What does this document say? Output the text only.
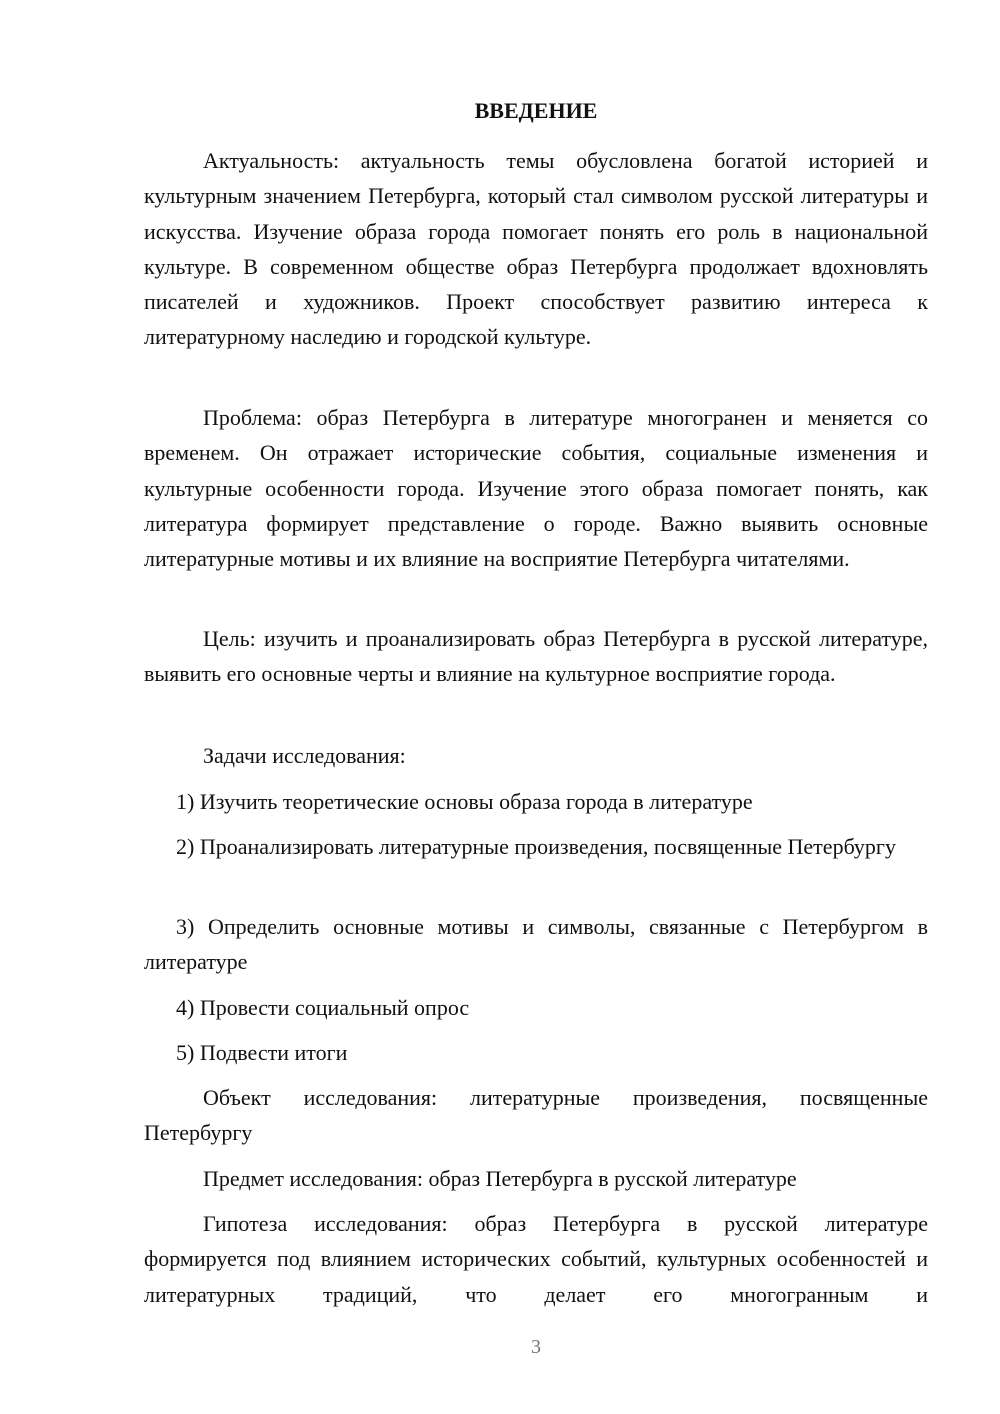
ВВЕДЕНИЕ

Актуальность: актуальность темы обусловлена богатой историей и культурным значением Петербурга, который стал символом русской литературы и искусства. Изучение образа города помогает понять его роль в национальной культуре. В современном обществе образ Петербурга продолжает вдохновлять писателей и художников. Проект способствует развитию интереса к литературному наследию и городской культуре.

Проблема: образ Петербурга в литературе многогранен и меняется со временем. Он отражает исторические события, социальные изменения и культурные особенности города. Изучение этого образа помогает понять, как литература формирует представление о городе. Важно выявить основные литературные мотивы и их влияние на восприятие Петербурга читателями.

Цель: изучить и проанализировать образ Петербурга в русской литературе, выявить его основные черты и влияние на культурное восприятие города.

Задачи исследования:

1) Изучить теоретические основы образа города в литературе

2) Проанализировать литературные произведения, посвященные Петербургу

3) Определить основные мотивы и символы, связанные с Петербургом в литературе

4) Провести социальный опрос

5) Подвести итоги

Объект исследования: литературные произведения, посвященные Петербургу

Предмет исследования: образ Петербурга в русской литературе

Гипотеза исследования: образ Петербурга в русской литературе формируется под влиянием исторических событий, культурных особенностей и литературных традиций, что делает его многогранным и

3
